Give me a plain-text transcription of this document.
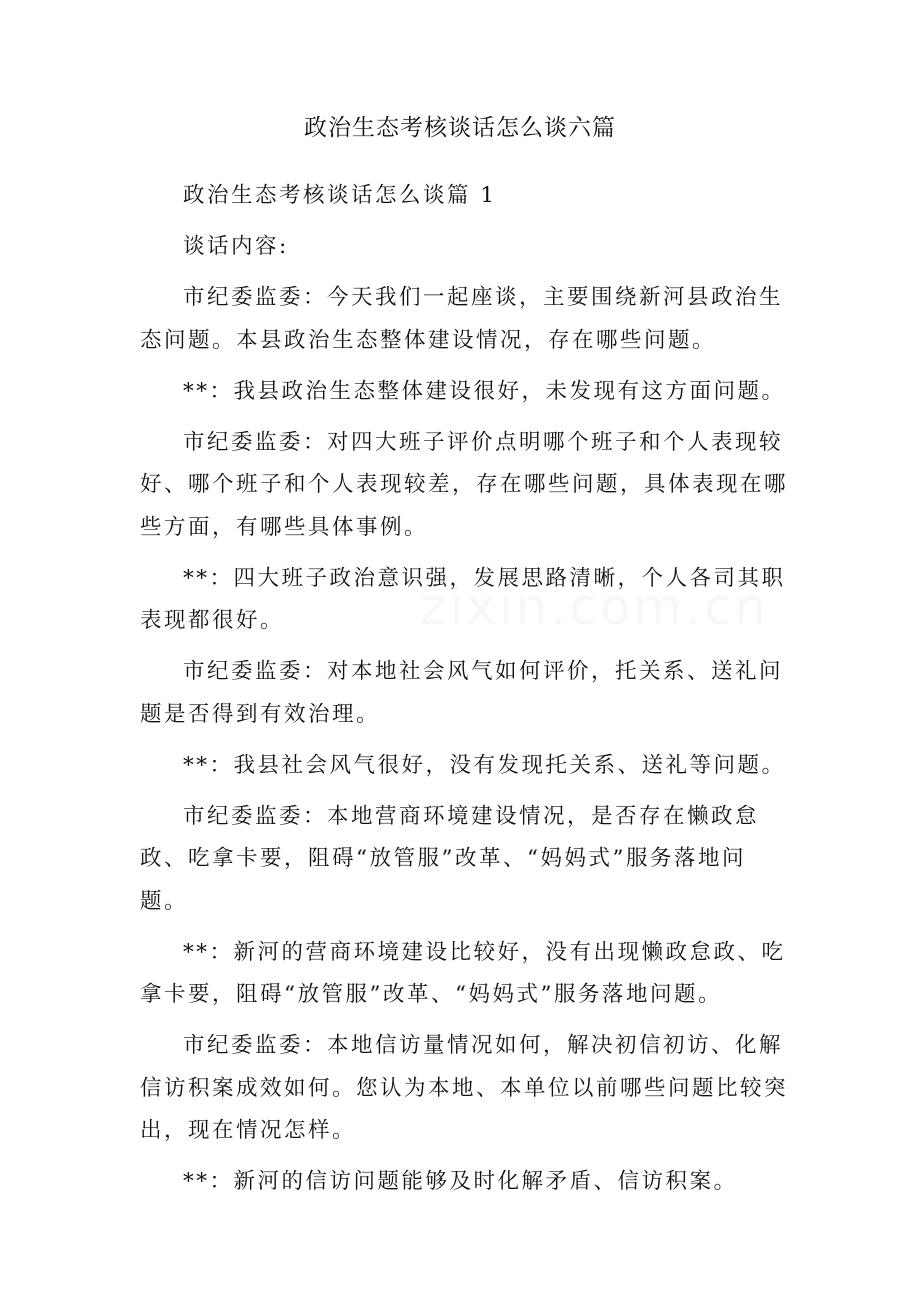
政治生态考核谈话怎么谈六篇

政治生态考核谈话怎么谈篇 1

谈话内容:

市纪委监委：今天我们一起座谈，主要围绕新河县政治生态问题。本县政治生态整体建设情况，存在哪些问题。

**：我县政治生态整体建设很好，未发现有这方面问题。

市纪委监委：对四大班子评价点明哪个班子和个人表现较好、哪个班子和个人表现较差，存在哪些问题，具体表现在哪些方面，有哪些具体事例。

**：四大班子政治意识强，发展思路清晰，个人各司其职表现都很好。

市纪委监委：对本地社会风气如何评价，托关系、送礼问题是否得到有效治理。

**：我县社会风气很好，没有发现托关系、送礼等问题。

市纪委监委：本地营商环境建设情况，是否存在懒政怠政、吃拿卡要，阻碍“放管服”改革、“妈妈式”服务落地问题。

**：新河的营商环境建设比较好，没有出现懒政怠政、吃拿卡要，阻碍“放管服”改革、“妈妈式”服务落地问题。

市纪委监委：本地信访量情况如何，解决初信初访、化解信访积案成效如何。您认为本地、本单位以前哪些问题比较突出，现在情况怎样。

**：新河的信访问题能够及时化解矛盾、信访积案。

zixin.com.cn
